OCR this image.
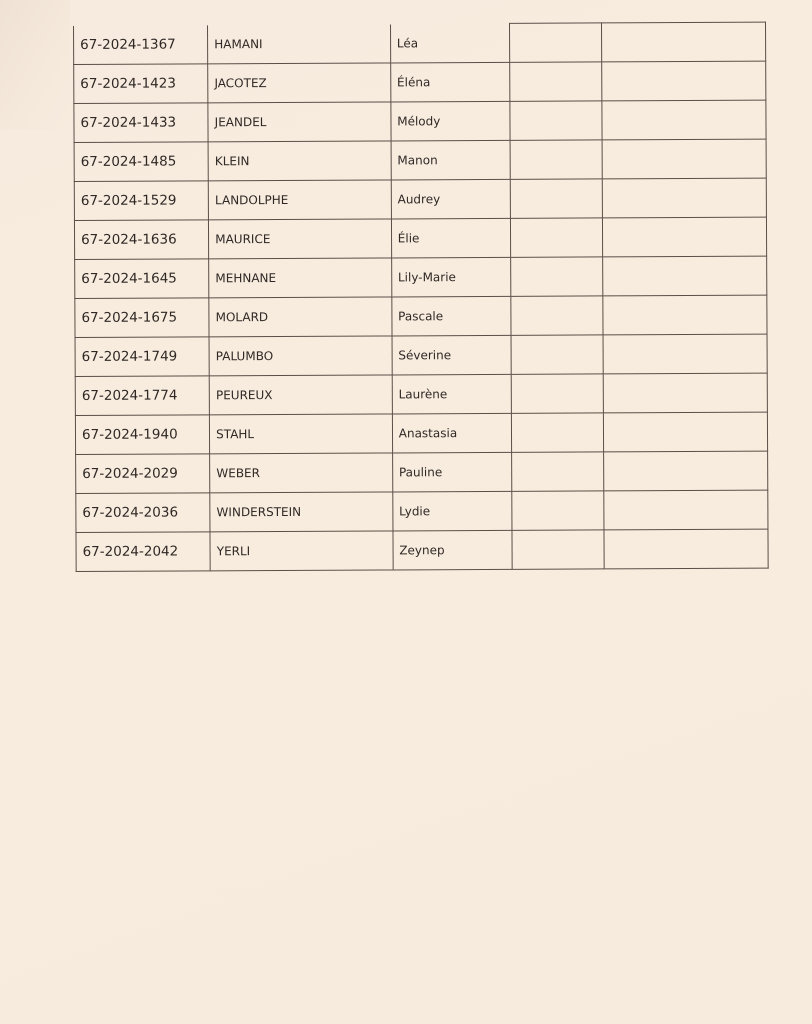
67-2024-1367	HAMANI	Léa		
67-2024-1423	JACOTEZ	Éléna		
67-2024-1433	JEANDEL	Mélody		
67-2024-1485	KLEIN	Manon		
67-2024-1529	LANDOLPHE	Audrey		
67-2024-1636	MAURICE	Élie		
67-2024-1645	MEHNANE	Lily-Marie		
67-2024-1675	MOLARD	Pascale		
67-2024-1749	PALUMBO	Séverine		
67-2024-1774	PEUREUX	Laurène		
67-2024-1940	STAHL	Anastasia		
67-2024-2029	WEBER	Pauline		
67-2024-2036	WINDERSTEIN	Lydie		
67-2024-2042	YERLI	Zeynep		
